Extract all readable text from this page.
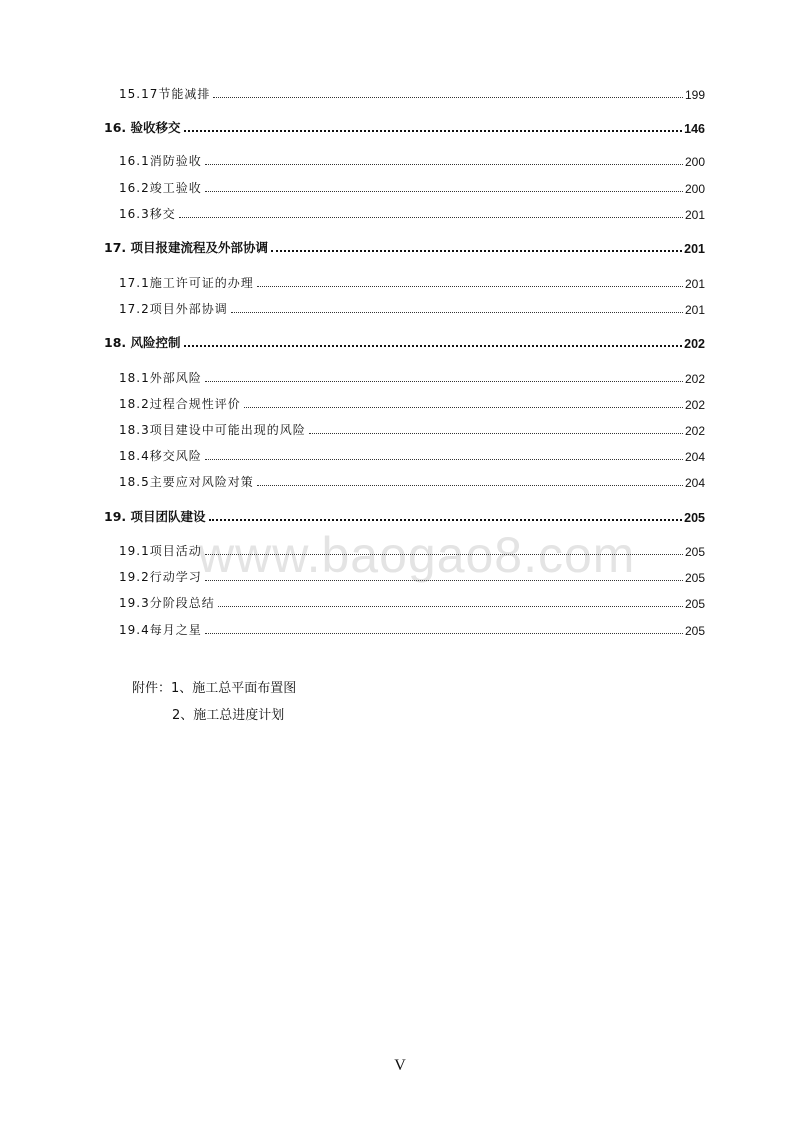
www.baogao8.com
15.17节能减排	199
16. 验收移交	146
16.1消防验收	200
16.2竣工验收	200
16.3移交	201
17. 项目报建流程及外部协调	201
17.1施工许可证的办理	201
17.2项目外部协调	201
18. 风险控制	202
18.1外部风险	202
18.2过程合规性评价	202
18.3项目建设中可能出现的风险	202
18.4移交风险	204
18.5主要应对风险对策	204
19. 项目团队建设	205
19.1项目活动	205
19.2行动学习	205
19.3分阶段总结	205
19.4每月之星	205
附件：1、施工总平面布置图
2、施工总进度计划
V
